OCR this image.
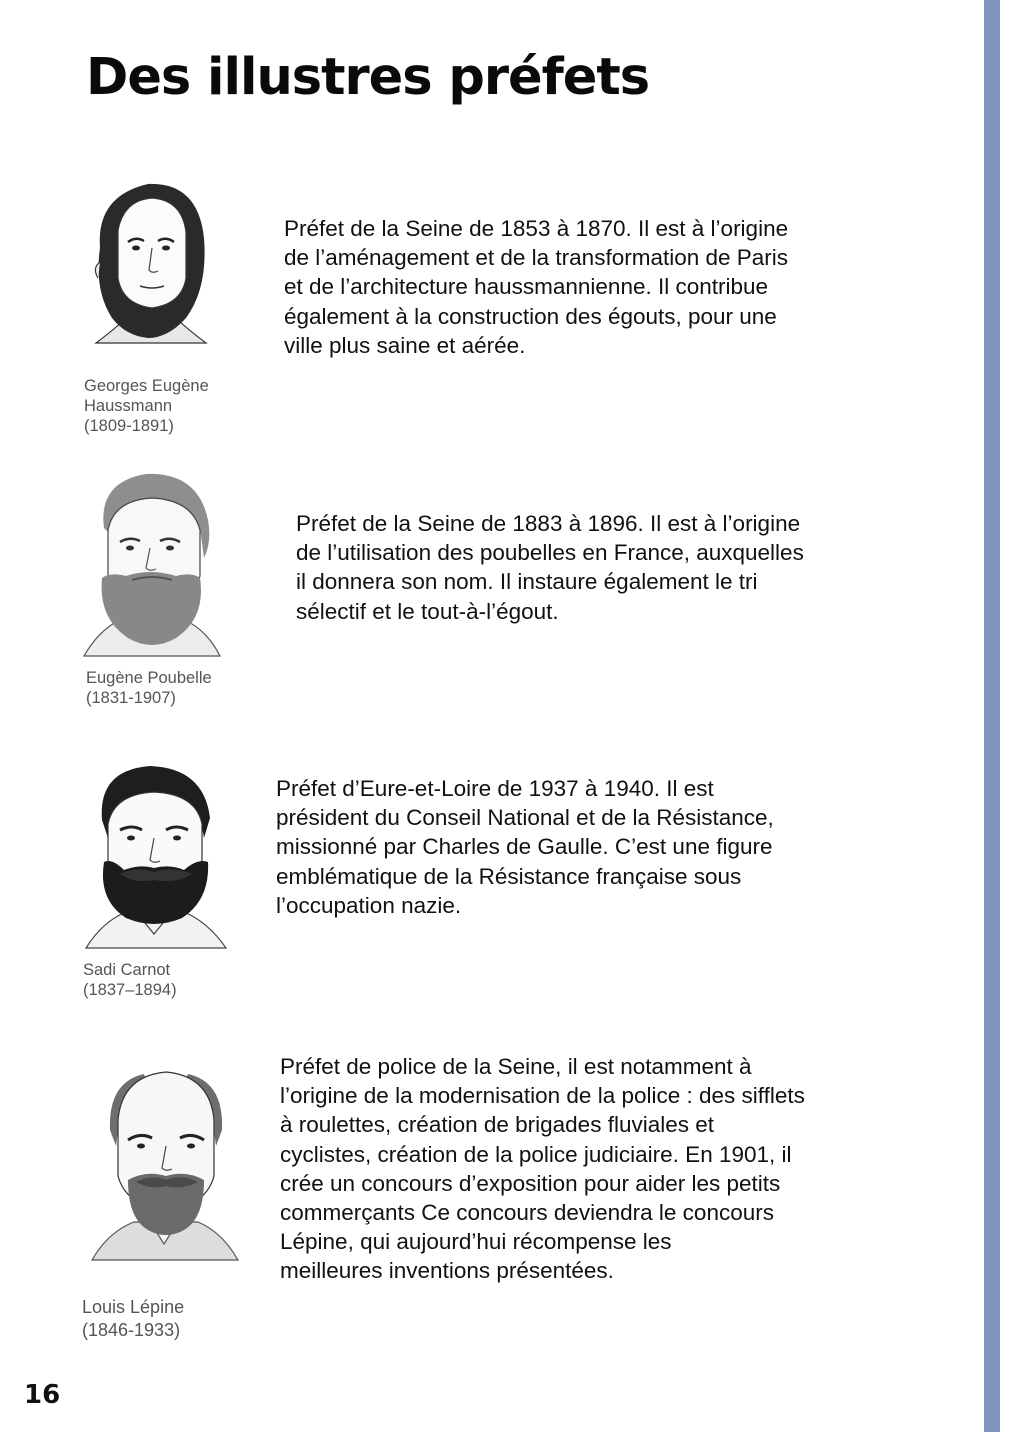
Des illustres préfets
Georges Eugène
Haussmann
(1809-1891)
Préfet de la Seine de 1853 à 1870. Il est à l’origine
de l’aménagement et de la transformation de Paris
et de l’architecture haussmannienne. Il contribue
également à la construction des égouts, pour une
ville plus saine et aérée.
Eugène Poubelle
(1831-1907)
Préfet de la Seine de 1883 à 1896. Il est à l’origine
de l’utilisation des poubelles en France, auxquelles
il donnera son nom. Il instaure également le tri
sélectif et le tout-à-l’égout.
Sadi Carnot
(1837–1894)
Préfet d’Eure-et-Loire de 1937 à 1940. Il est
président du Conseil National et de la Résistance,
missionné par Charles de Gaulle. C’est une figure
emblématique de la Résistance française sous
l’occupation nazie.
Louis Lépine
(1846-1933)
Préfet de police de la Seine, il est notamment à
l’origine de la modernisation de la police : des sifflets
à roulettes, création de brigades fluviales et
cyclistes, création de la police judiciaire. En 1901, il
crée un concours d’exposition pour aider les petits
commerçants Ce concours deviendra le concours
Lépine, qui aujourd’hui récompense les
meilleures inventions présentées.
16
